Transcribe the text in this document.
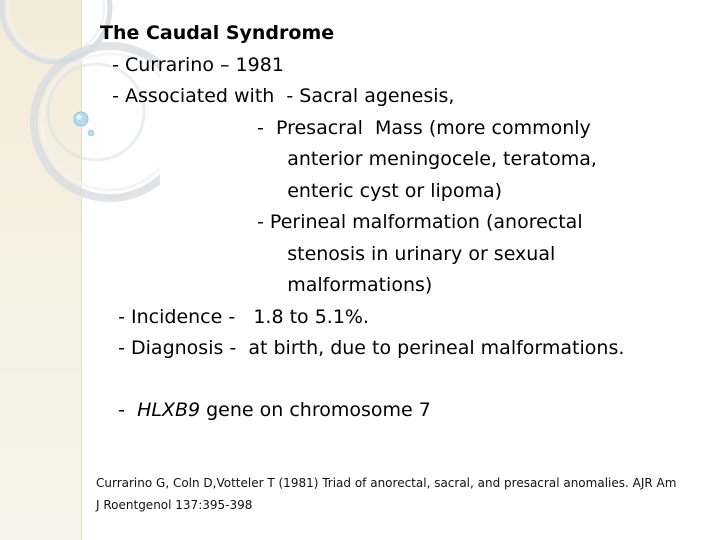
The Caudal Syndrome
- Currarino – 1981
- Associated with  - Sacral agenesis,
-  Presacral  Mass (more commonly
anterior meningocele, teratoma,
enteric cyst or lipoma)
- Perineal malformation (anorectal
stenosis in urinary or sexual
malformations)
- Incidence -   1.8 to 5.1%.
- Diagnosis -  at birth, due to perineal malformations.
-  HLXB9 gene on chromosome 7
Currarino G, Coln D,Votteler T (1981) Triad of anorectal, sacral, and presacral anomalies. AJR Am
J Roentgenol 137:395-398
